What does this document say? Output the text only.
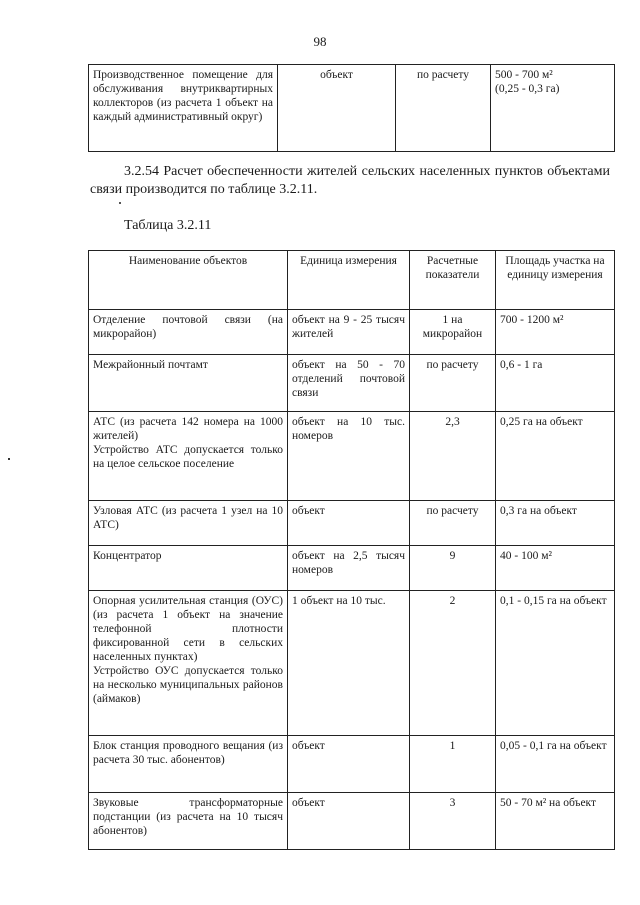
98
Производственное помещение для обслуживания внутриквартирных коллекторов (из расчета 1 объект на каждый административный округ)	объект	по расчету	500 - 700 м²
(0,25 - 0,3 га)
3.2.54 Расчет обеспеченности жителей сельских населенных пунктов объектами связи производится по таблице 3.2.11.
Таблица 3.2.11
Наименование объектов	Единица измерения	Расчетные показатели	Площадь участка на единицу измерения
Отделение почтовой связи (на микрорайон)	объект на 9 - 25 тысяч жителей	1 на микрорайон	700 - 1200 м²
Межрайонный почтамт	объект на 50 - 70 отделений почтовой связи	по расчету	0,6 - 1 га
АТС (из расчета 142 номера на 1000 жителей)
Устройство АТС допускается только на целое сельское поселение	объект на 10 тыс. номеров	2,3	0,25 га на объект
Узловая АТС (из расчета 1 узел на 10 АТС)	объект	по расчету	0,3 га на объект
Концентратор	объект на 2,5 тысяч номеров	9	40 - 100 м²
Опорная усилительная станция (ОУС) (из расчета 1 объект на значение телефонной плотности фиксированной сети в сельских населенных пунктах)
Устройство ОУС допускается только на несколько муниципальных районов (аймаков)	1 объект на 10 тыс.	2	0,1 - 0,15 га на объект
Блок станция проводного вещания (из расчета 30 тыс. абонентов)	объект	1	0,05 - 0,1 га на объект
Звуковые трансформаторные подстанции (из расчета на 10 тысяч абонентов)	объект	3	50 - 70 м² на объект
